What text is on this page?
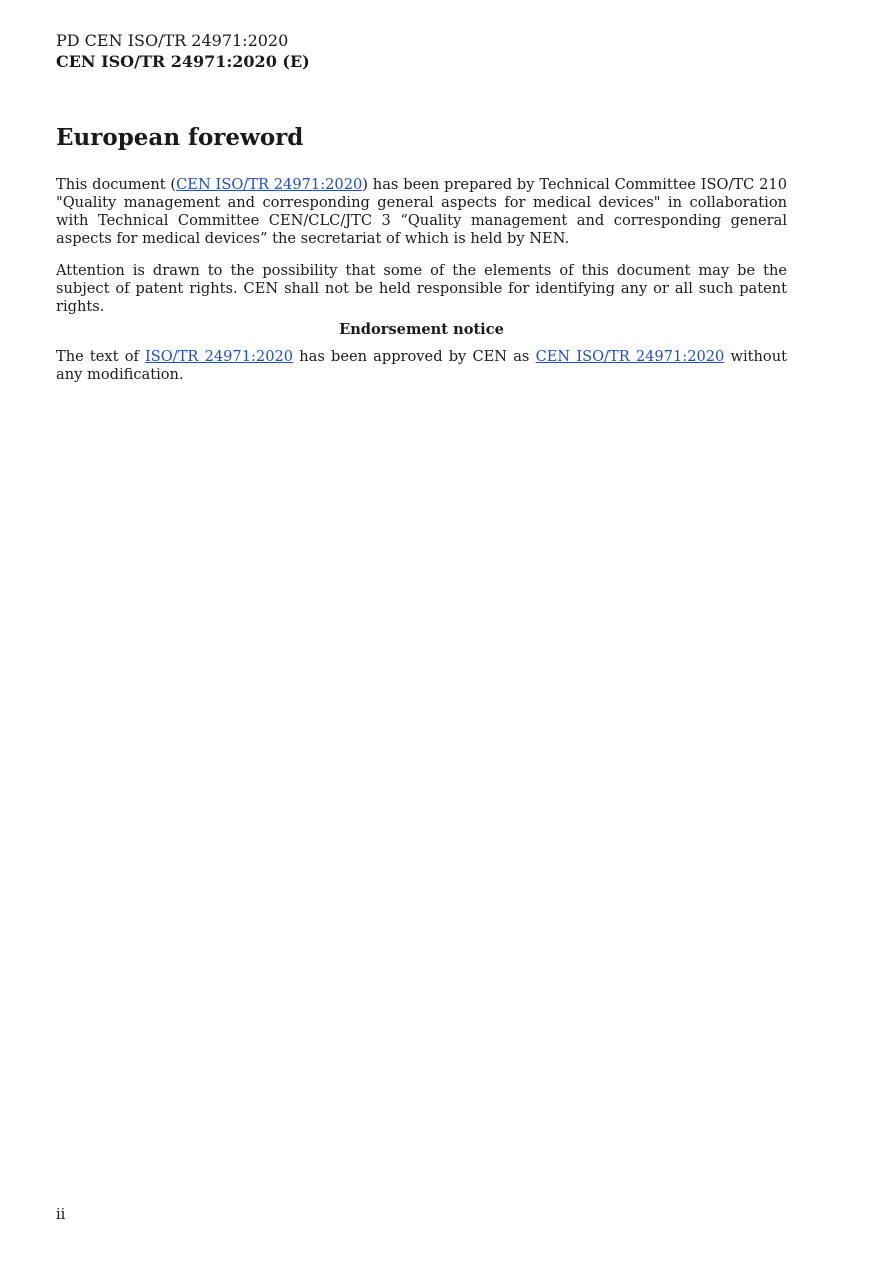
PD CEN ISO/TR 24971:2020
CEN ISO/TR 24971:2020 (E)
European foreword

This document (CEN ISO/TR 24971:2020) has been prepared by Technical Committee ISO/TC 210 "Quality management and corresponding general aspects for medical devices" in collaboration with Technical Committee CEN/CLC/JTC 3 “Quality management and corresponding general aspects for medical devices” the secretariat of which is held by NEN.

Attention is drawn to the possibility that some of the elements of this document may be the subject of patent rights. CEN shall not be held responsible for identifying any or all such patent rights.

Endorsement notice

The text of ISO/TR 24971:2020 has been approved by CEN as CEN ISO/TR 24971:2020 without any modification.

ii
